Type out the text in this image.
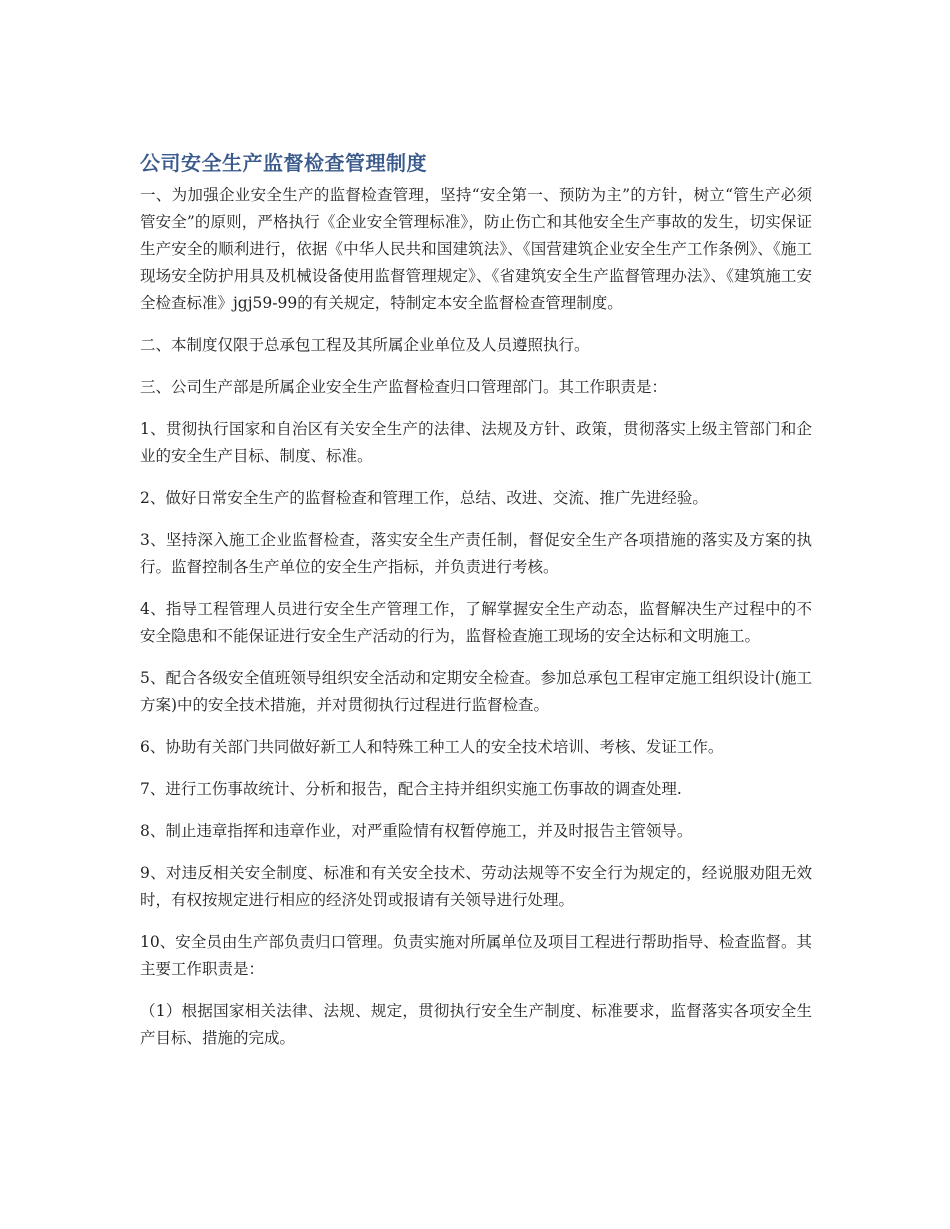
公司安全生产监督检查管理制度

一、为加强企业安全生产的监督检查管理，坚持“安全第一、预防为主”的方针，树立“管生产必须管安全”的原则，严格执行《企业安全管理标准》，防止伤亡和其他安全生产事故的发生，切实保证生产安全的顺利进行，依据《中华人民共和国建筑法》、《国营建筑企业安全生产工作条例》、《施工现场安全防护用具及机械设备使用监督管理规定》、《省建筑安全生产监督管理办法》、《建筑施工安全检查标准》jgj59-99的有关规定，特制定本安全监督检查管理制度。

二、本制度仅限于总承包工程及其所属企业单位及人员遵照执行。

三、公司生产部是所属企业安全生产监督检查归口管理部门。其工作职责是：

1、贯彻执行国家和自治区有关安全生产的法律、法规及方针、政策，贯彻落实上级主管部门和企业的安全生产目标、制度、标准。

2、做好日常安全生产的监督检查和管理工作，总结、改进、交流、推广先进经验。

3、坚持深入施工企业监督检查，落实安全生产责任制，督促安全生产各项措施的落实及方案的执行。监督控制各生产单位的安全生产指标，并负责进行考核。

4、指导工程管理人员进行安全生产管理工作，了解掌握安全生产动态，监督解决生产过程中的不安全隐患和不能保证进行安全生产活动的行为，监督检查施工现场的安全达标和文明施工。

5、配合各级安全值班领导组织安全活动和定期安全检查。参加总承包工程审定施工组织设计(施工方案)中的安全技术措施，并对贯彻执行过程进行监督检查。

6、协助有关部门共同做好新工人和特殊工种工人的安全技术培训、考核、发证工作。

7、进行工伤事故统计、分析和报告，配合主持并组织实施工伤事故的调查处理.

8、制止违章指挥和违章作业，对严重险情有权暂停施工，并及时报告主管领导。

9、对违反相关安全制度、标准和有关安全技术、劳动法规等不安全行为规定的，经说服劝阻无效时，有权按规定进行相应的经济处罚或报请有关领导进行处理。

10、安全员由生产部负责归口管理。负责实施对所属单位及项目工程进行帮助指导、检查监督。其主要工作职责是：

（1）根据国家相关法律、法规、规定，贯彻执行安全生产制度、标准要求，监督落实各项安全生产目标、措施的完成。
